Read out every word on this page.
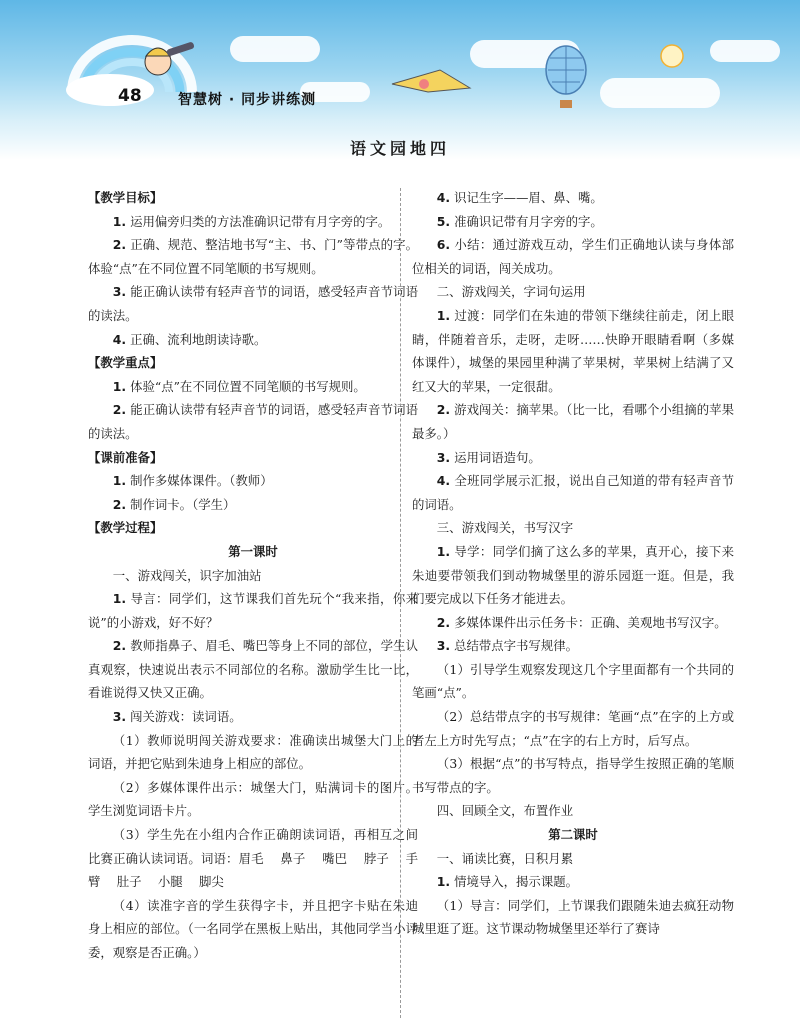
48	智慧树 · 同步讲练测
语文园地四

【教学目标】

1. 运用偏旁归类的方法准确识记带有月字旁的字。

2. 正确、规范、整洁地书写“主、书、门”等带点的字。体验“点”在不同位置不同笔顺的书写规则。

3. 能正确认读带有轻声音节的词语，感受轻声音节词语的读法。

4. 正确、流利地朗读诗歌。

【教学重点】

1. 体验“点”在不同位置不同笔顺的书写规则。

2. 能正确认读带有轻声音节的词语，感受轻声音节词语的读法。

【课前准备】

1. 制作多媒体课件。（教师）

2. 制作词卡。（学生）

【教学过程】

第一课时

一、游戏闯关，识字加油站

1. 导言：同学们，这节课我们首先玩个“我来指，你来说”的小游戏，好不好？

2. 教师指鼻子、眉毛、嘴巴等身上不同的部位，学生认真观察，快速说出表示不同部位的名称。激励学生比一比，看谁说得又快又正确。

3. 闯关游戏：读词语。

（1）教师说明闯关游戏要求：准确读出城堡大门上的词语，并把它贴到朱迪身上相应的部位。

（2）多媒体课件出示：城堡大门，贴满词卡的图片。学生浏览词语卡片。

（3）学生先在小组内合作正确朗读词语，再相互之间比赛正确认读词语。词语：眉毛　 鼻子　 嘴巴　 脖子　 手臂　 肚子　 小腿　 脚尖

（4）读准字音的学生获得字卡，并且把字卡贴在朱迪身上相应的部位。（一名同学在黑板上贴出，其他同学当小评委，观察是否正确。）

4. 识记生字——眉、鼻、嘴。

5. 准确识记带有月字旁的字。

6. 小结：通过游戏互动，学生们正确地认读与身体部位相关的词语，闯关成功。

二、游戏闯关，字词句运用

1. 过渡：同学们在朱迪的带领下继续往前走，闭上眼睛，伴随着音乐，走呀，走呀……快睁开眼睛看啊（多媒体课件），城堡的果园里种满了苹果树，苹果树上结满了又红又大的苹果，一定很甜。

2. 游戏闯关：摘苹果。（比一比，看哪个小组摘的苹果最多。）

3. 运用词语造句。

4. 全班同学展示汇报，说出自己知道的带有轻声音节的词语。

三、游戏闯关，书写汉字

1. 导学：同学们摘了这么多的苹果，真开心，接下来朱迪要带领我们到动物城堡里的游乐园逛一逛。但是，我们要完成以下任务才能进去。

2. 多媒体课件出示任务卡：正确、美观地书写汉字。

3. 总结带点字书写规律。

（1）引导学生观察发现这几个字里面都有一个共同的笔画“点”。

（2）总结带点字的书写规律：笔画“点”在字的上方或者左上方时先写点；“点”在字的右上方时，后写点。

（3）根据“点”的书写特点，指导学生按照正确的笔顺书写带点的字。

四、回顾全文，布置作业

第二课时

一、诵读比赛，日积月累

1. 情境导入，揭示课题。

（1）导言：同学们，上节课我们跟随朱迪去疯狂动物城里逛了逛。这节课动物城堡里还举行了赛诗
